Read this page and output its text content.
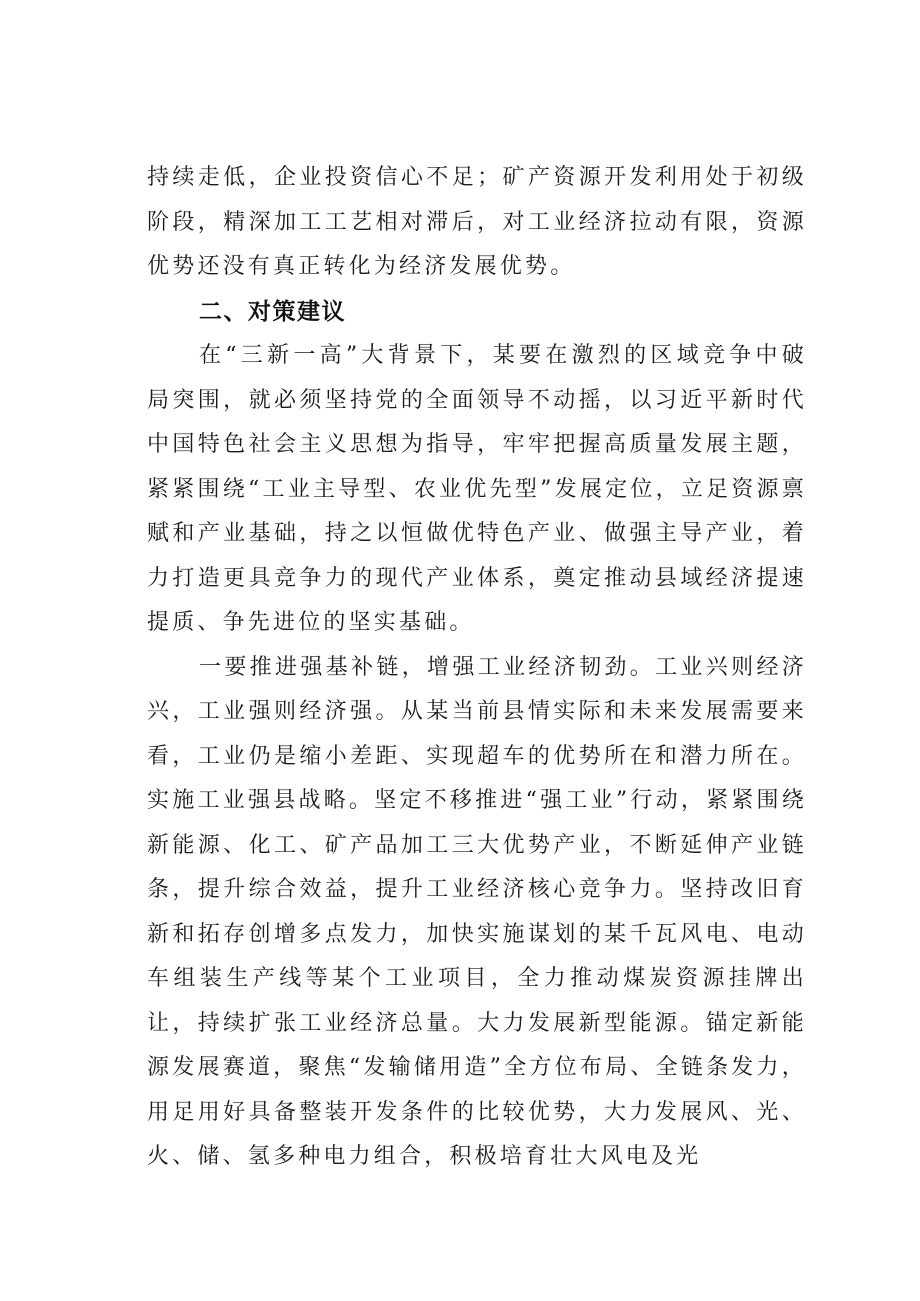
持续走低，企业投资信心不足；矿产资源开发利用处于初级阶段，精深加工工艺相对滞后，对工业经济拉动有限，资源优势还没有真正转化为经济发展优势。

二、对策建议

在“三新一高”大背景下，某要在激烈的区域竞争中破局突围，就必须坚持党的全面领导不动摇，以习近平新时代中国特色社会主义思想为指导，牢牢把握高质量发展主题，紧紧围绕“工业主导型、农业优先型”发展定位，立足资源禀赋和产业基础，持之以恒做优特色产业、做强主导产业，着力打造更具竞争力的现代产业体系，奠定推动县域经济提速提质、争先进位的坚实基础。

一要推进强基补链，增强工业经济韧劲。工业兴则经济兴，工业强则经济强。从某当前县情实际和未来发展需要来看，工业仍是缩小差距、实现超车的优势所在和潜力所在。实施工业强县战略。坚定不移推进“强工业”行动，紧紧围绕新能源、化工、矿产品加工三大优势产业，不断延伸产业链条，提升综合效益，提升工业经济核心竞争力。坚持改旧育新和拓存创增多点发力，加快实施谋划的某千瓦风电、电动车组装生产线等某个工业项目，全力推动煤炭资源挂牌出让，持续扩张工业经济总量。大力发展新型能源。锚定新能源发展赛道，聚焦“发输储用造”全方位布局、全链条发力，用足用好具备整装开发条件的比较优势，大力发展风、光、火、储、氢多种电力组合，积极培育壮大风电及光
